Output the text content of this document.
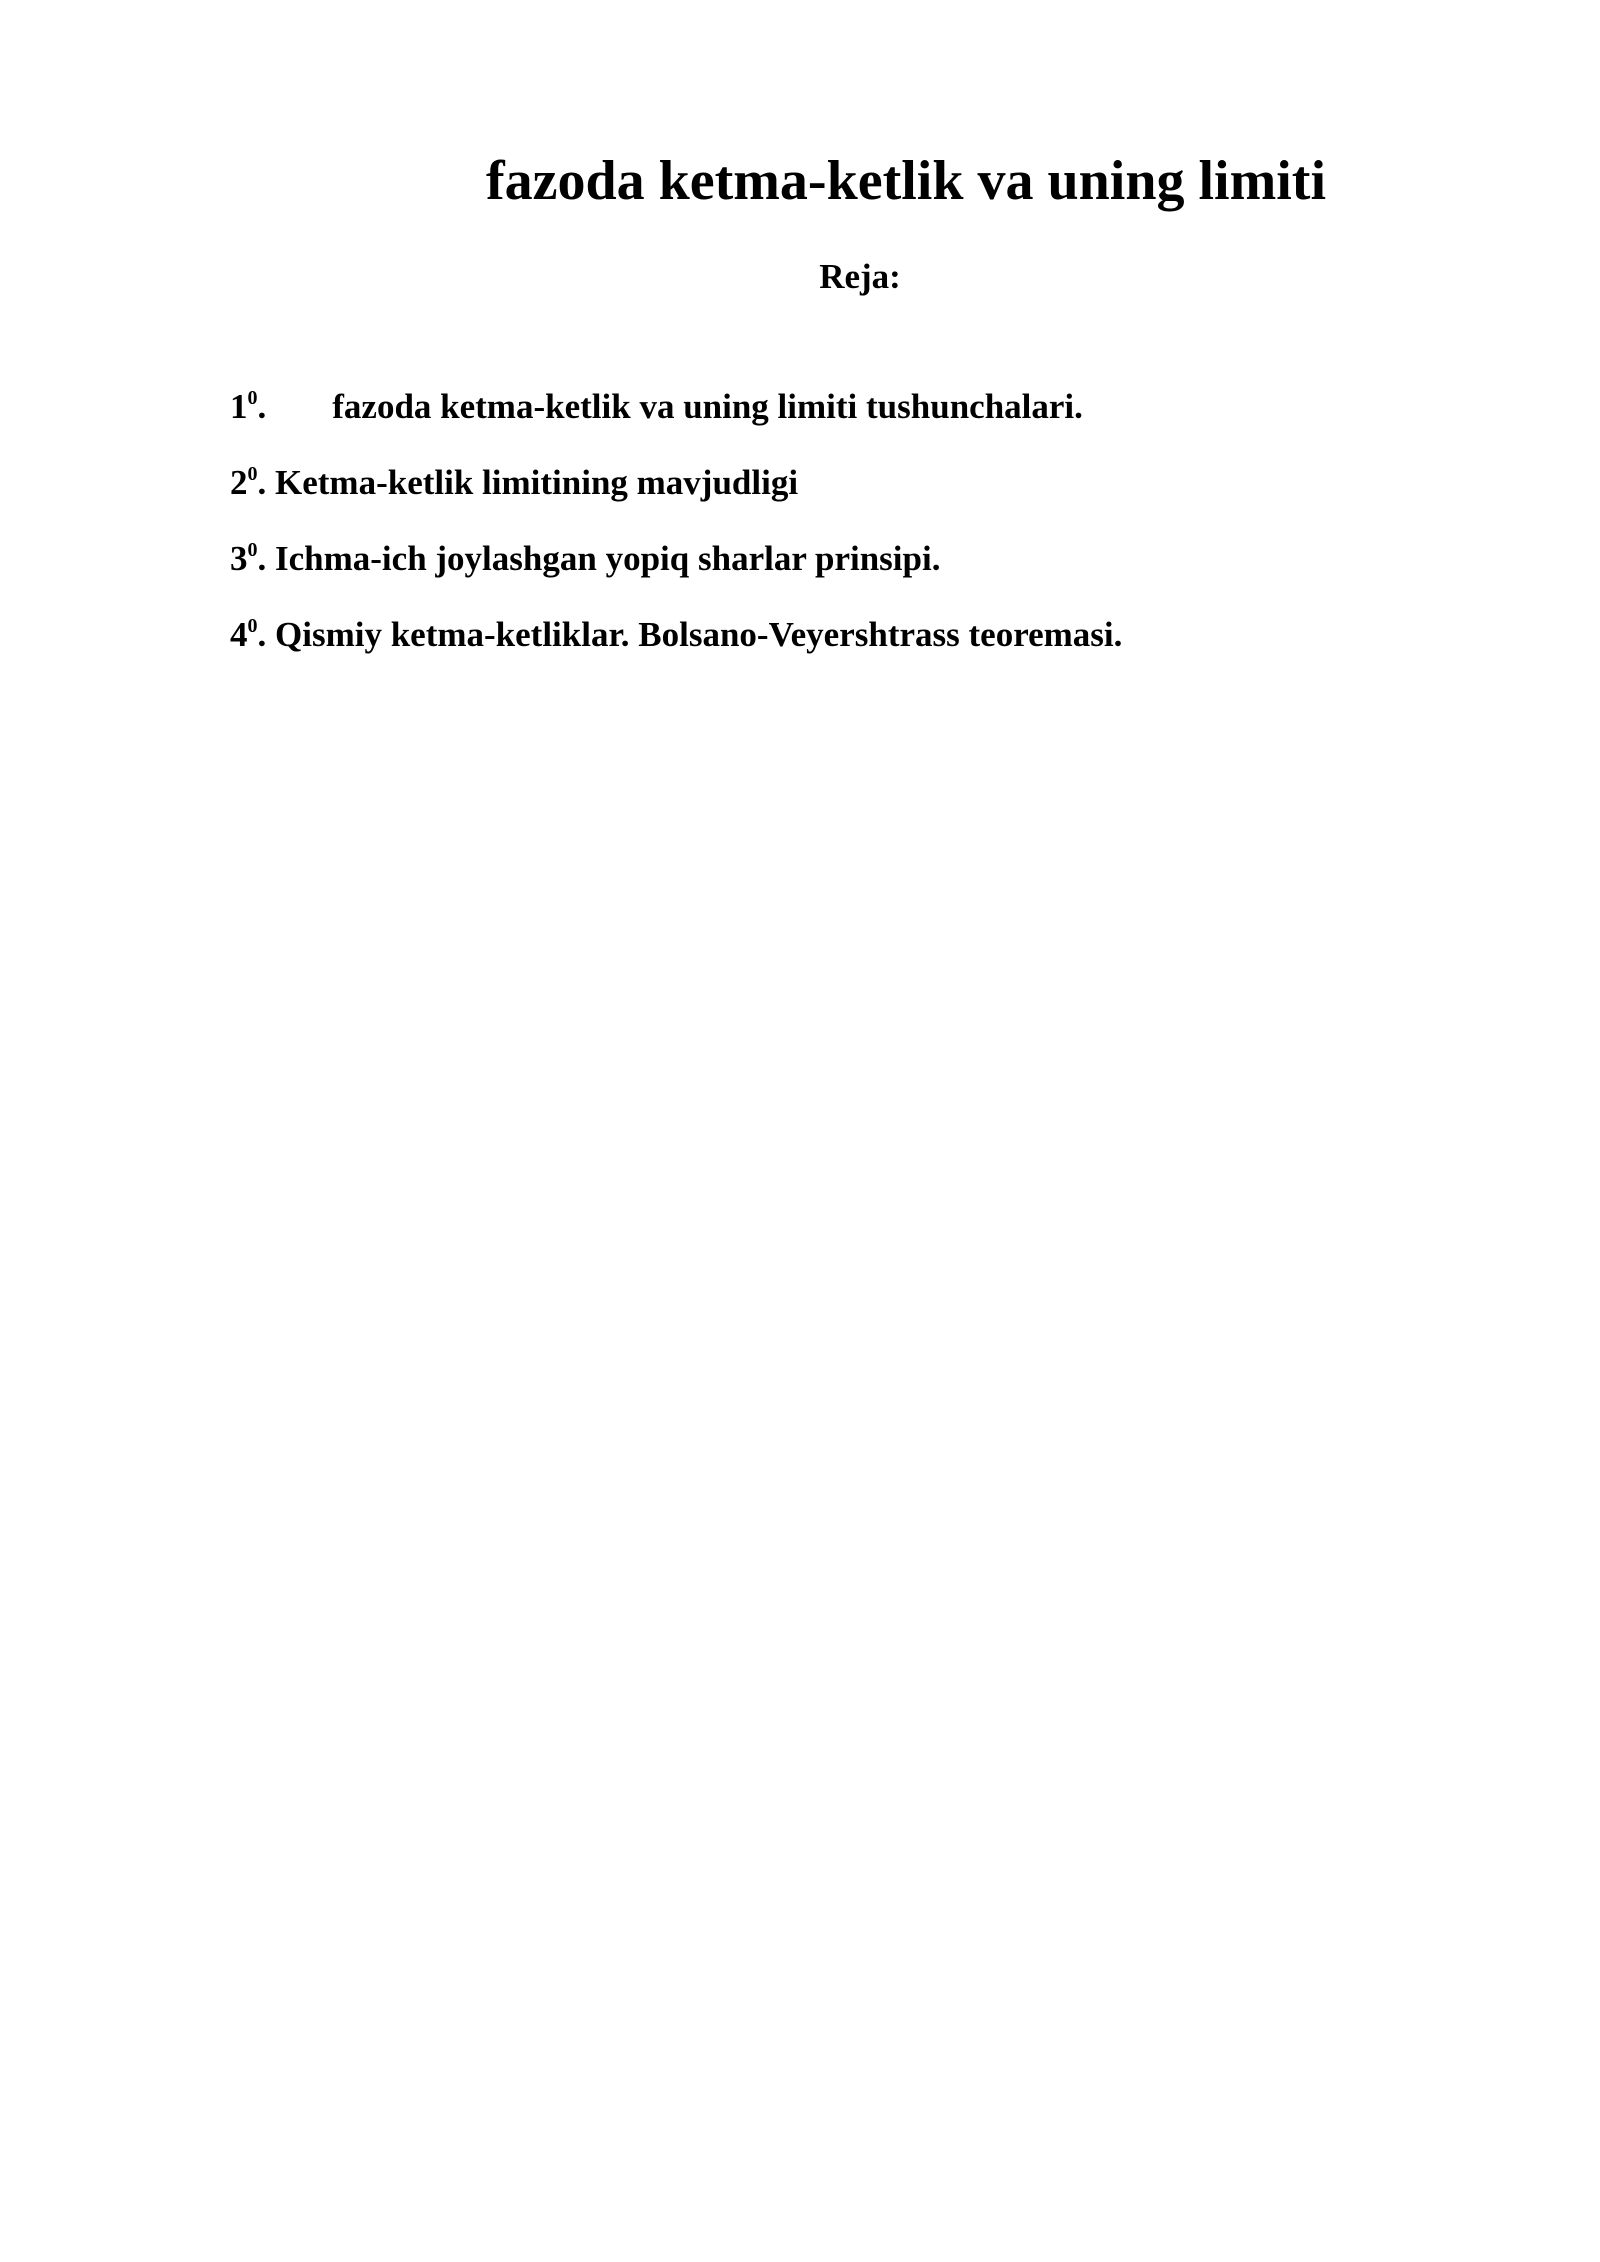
fazoda ketma-ketlik va uning limiti
Reja:
$1^0$. fazoda ketma-ketlik va uning limiti tushunchalari.
$2^0$. Ketma-ketlik limitining mavjudligi
$3^0$. Ichma-ich joylashgan yopiq sharlar prinsipi.
$4^0$. Qismiy ketma-ketliklar. Bolsano-Veyershtrass teoremasi.
